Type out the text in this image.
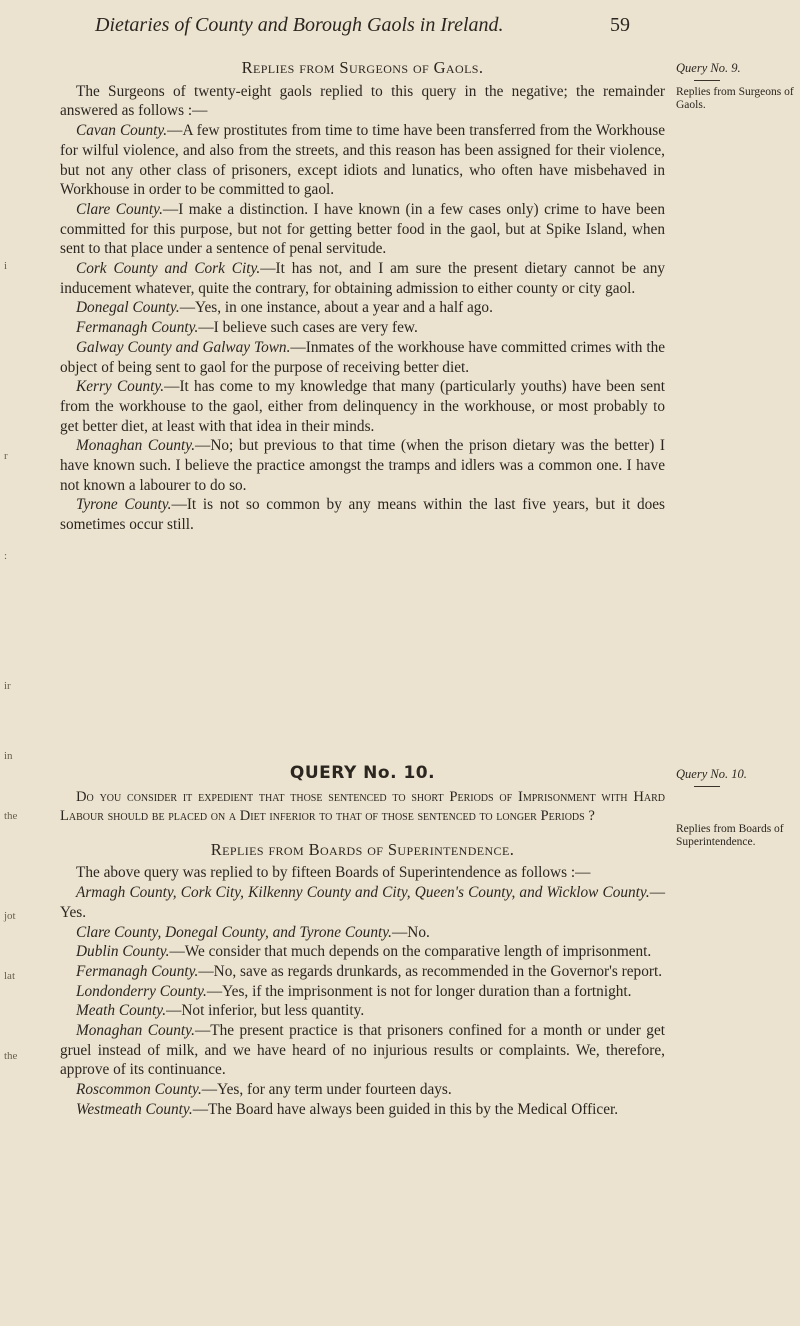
Dietaries of County and Borough Gaols in Ireland.	59
i
r
:
ir
in
the
jot
lat
the
Replies from Surgeons of Gaols.

The Surgeons of twenty-eight gaols replied to this query in the negative; the remainder answered as follows :—

Cavan County.—A few prostitutes from time to time have been transferred from the Workhouse for wilful violence, and also from the streets, and this reason has been assigned for their violence, but not any other class of prisoners, except idiots and lunatics, who often have misbehaved in Workhouse in order to be committed to gaol.

Clare County.—I make a distinction. I have known (in a few cases only) crime to have been committed for this purpose, but not for getting better food in the gaol, but at Spike Island, when sent to that place under a sentence of penal servitude.

Cork County and Cork City.—It has not, and I am sure the present dietary cannot be any inducement whatever, quite the contrary, for obtaining admission to either county or city gaol.

Donegal County.—Yes, in one instance, about a year and a half ago.

Fermanagh County.—I believe such cases are very few.

Galway County and Galway Town.—Inmates of the workhouse have committed crimes with the object of being sent to gaol for the purpose of receiving better diet.

Kerry County.—It has come to my knowledge that many (particularly youths) have been sent from the workhouse to the gaol, either from delinquency in the workhouse, or most probably to get better diet, at least with that idea in their minds.

Monaghan County.—No; but previous to that time (when the prison dietary was the better) I have known such. I believe the practice amongst the tramps and idlers was a common one. I have not known a labourer to do so.

Tyrone County.—It is not so common by any means within the last five years, but it does sometimes occur still.

Query No. 9.
Replies from Surgeons of Gaols.
QUERY No. 10.
Do you consider it expedient that those sentenced to short Periods of Imprisonment with Hard Labour should be placed on a Diet inferior to that of those sentenced to longer Periods ?
Replies from Boards of Superintendence.

The above query was replied to by fifteen Boards of Superintendence as follows :—

Armagh County, Cork City, Kilkenny County and City, Queen's County, and Wicklow County.—Yes.

Clare County, Donegal County, and Tyrone County.—No.

Dublin County.—We consider that much depends on the comparative length of imprisonment.

Fermanagh County.—No, save as regards drunkards, as recommended in the Governor's report.

Londonderry County.—Yes, if the imprisonment is not for longer duration than a fortnight.

Meath County.—Not inferior, but less quantity.

Monaghan County.—The present practice is that prisoners confined for a month or under get gruel instead of milk, and we have heard of no injurious results or complaints. We, therefore, approve of its continuance.

Roscommon County.—Yes, for any term under fourteen days.

Westmeath County.—The Board have always been guided in this by the Medical Officer.

Query No. 10.
Replies from Boards of Superintendence.
